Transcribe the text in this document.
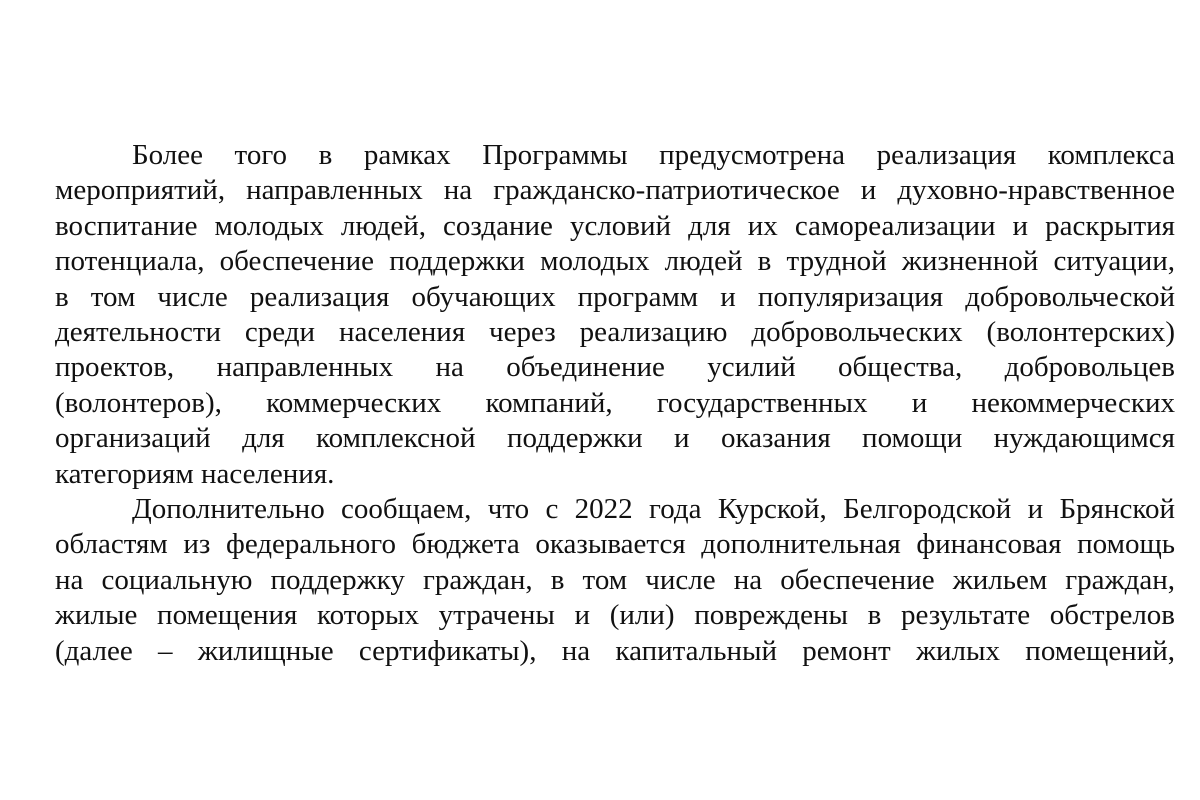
Более того в рамках Программы предусмотрена реализация комплекса
мероприятий, направленных на гражданско-патриотическое и духовно-нравственное
воспитание молодых людей, создание условий для их самореализации и раскрытия
потенциала, обеспечение поддержки молодых людей в трудной жизненной ситуации,
в том числе реализация обучающих программ и популяризация добровольческой
деятельности среди населения через реализацию добровольческих (волонтерских)
проектов, направленных на объединение усилий общества, добровольцев
(волонтеров), коммерческих компаний, государственных и некоммерческих
организаций для комплексной поддержки и оказания помощи нуждающимся
категориям населения.
Дополнительно сообщаем, что с 2022 года Курской, Белгородской и Брянской
областям из федерального бюджета оказывается дополнительная финансовая помощь
на социальную поддержку граждан, в том числе на обеспечение жильем граждан,
жилые помещения которых утрачены и (или) повреждены в результате обстрелов
(далее – жилищные сертификаты), на капитальный ремонт жилых помещений,
